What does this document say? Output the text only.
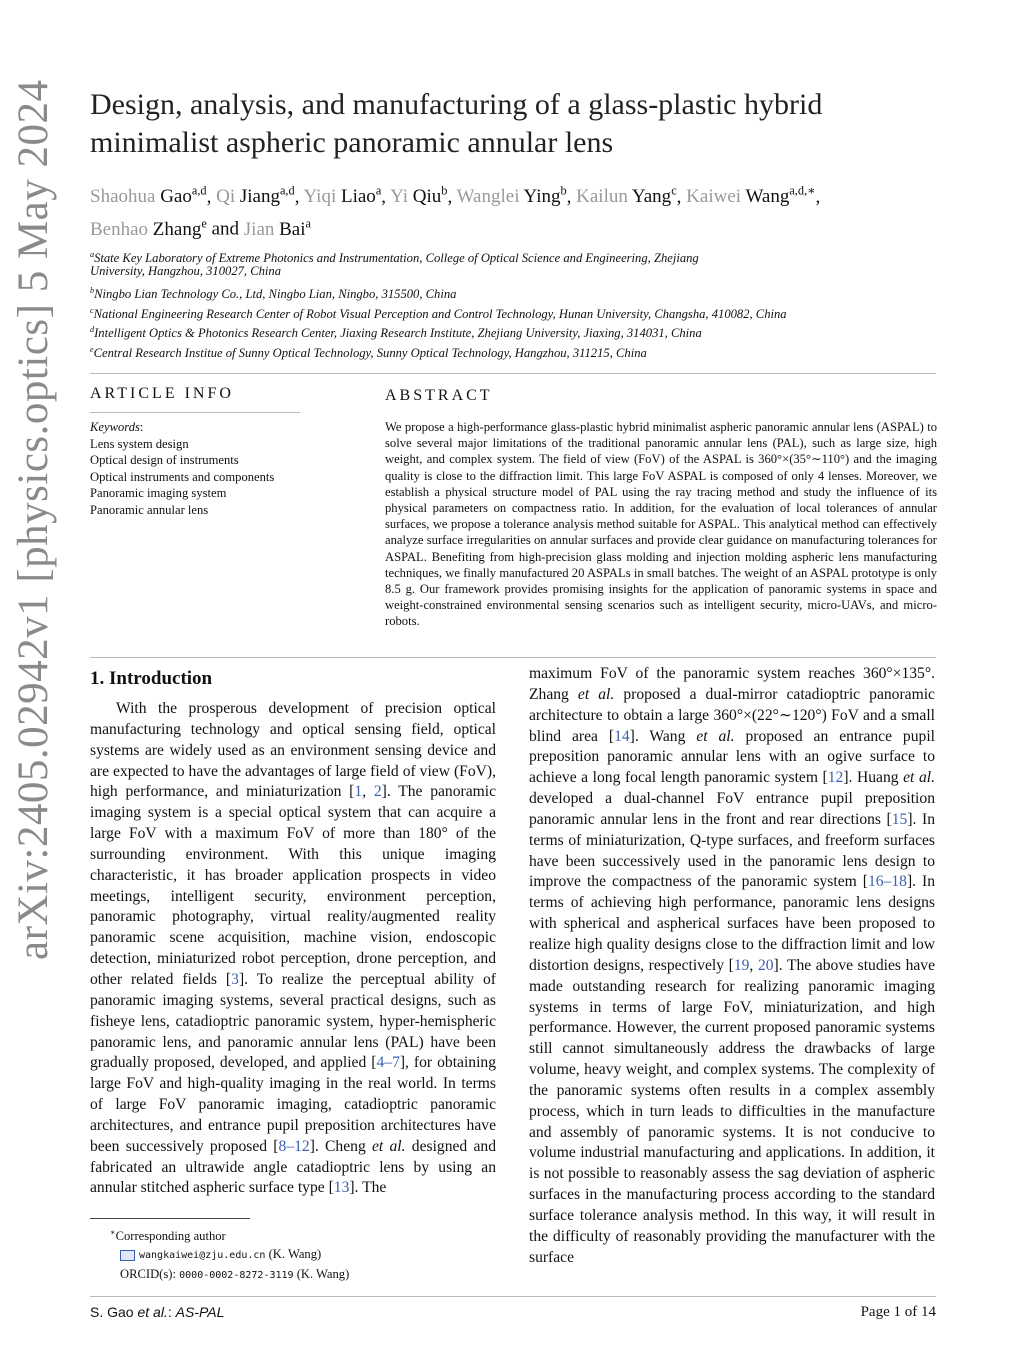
arXiv:2405.02942v1 [physics.optics] 5 May 2024 Design, analysis, and manufacturing of a glass-plastic hybrid
minimalist aspheric panoramic annular lens
Shaohua Gao$^{a,d}$, Qi Jiang$^{a,d}$, Yiqi Liao$^a$, Yi Qiu$^b$, Wanglei Ying$^b$, Kailun Yang$^c$, Kaiwei Wang$^{a,d,∗}$,
Benhao Zhang$^e$ and Jian Bai$^a$
$^a$State Key Laboratory of Extreme Photonics and Instrumentation, College of Optical Science and Engineering, Zhejiang
University, Hangzhou, 310027, China
$^b$Ningbo Lian Technology Co., Ltd, Ningbo Lian, Ningbo, 315500, China
$^c$National Engineering Research Center of Robot Visual Perception and Control Technology, Hunan University, Changsha, 410082, China
$^d$Intelligent Optics & Photonics Research Center, Jiaxing Research Institute, Zhejiang University, Jiaxing, 314031, China
$^e$Central Research Institue of Sunny Optical Technology, Sunny Optical Technology, Hangzhou, 311215, China
ARTICLE INFO	ABSTRACT
Keywords:
Lens system design
Optical design of instruments
Optical instruments and components
Panoramic imaging system
Panoramic annular lens
We propose a high-performance glass-plastic hybrid minimalist aspheric panoramic annular lens (ASPAL) to solve several major limitations of the traditional panoramic annular lens (PAL), such as large size, high weight, and complex system. The field of view (FoV) of the ASPAL is 360°×(35°∼110°) and the imaging quality is close to the diffraction limit. This large FoV ASPAL is composed of only 4 lenses. Moreover, we establish a physical structure model of PAL using the ray tracing method and study the influence of its physical parameters on compactness ratio. In addition, for the evaluation of local tolerances of annular surfaces, we propose a tolerance analysis method suitable for ASPAL. This analytical method can effectively analyze surface irregularities on annular surfaces and provide clear guidance on manufacturing tolerances for ASPAL. Benefiting from high-precision glass molding and injection molding aspheric lens manufacturing techniques, we finally manufactured 20 ASPALs in small batches. The weight of an ASPAL prototype is only 8.5 g. Our framework provides promising insights for the application of panoramic systems in space and weight-constrained environmental sensing scenarios such as intelligent security, micro-UAVs, and micro-robots.
1. Introduction

With the prosperous development of precision optical manufacturing technology and optical sensing field, optical systems are widely used as an environment sensing device and are expected to have the advantages of large field of view (FoV), high performance, and miniaturization [1, 2]. The panoramic imaging system is a special optical system that can acquire a large FoV with a maximum FoV of more than 180° of the surrounding environment. With this unique imaging characteristic, it has broader application prospects in video meetings, intelligent security, environment perception, panoramic photography, virtual reality/augmented reality panoramic scene acquisition, machine vision, endoscopic detection, miniaturized robot perception, drone perception, and other related fields [3]. To realize the perceptual ability of panoramic imaging systems, several practical designs, such as fisheye lens, catadioptric panoramic system, hyper-hemispheric panoramic lens, and panoramic annular lens (PAL) have been gradually proposed, developed, and applied [4–7], for obtaining large FoV and high-quality imaging in the real world. In terms of large FoV panoramic imaging, catadioptric panoramic architectures, and entrance pupil preposition architectures have been successively proposed [8–12]. Cheng et al. designed and fabricated an ultrawide angle catadioptric lens by using an annular stitched aspheric surface type [13]. The

maximum FoV of the panoramic system reaches 360°×135°. Zhang et al. proposed a dual-mirror catadioptric panoramic architecture to obtain a large 360°×(22°∼120°) FoV and a small blind area [14]. Wang et al. proposed an entrance pupil preposition panoramic annular lens with an ogive surface to achieve a long focal length panoramic system [12]. Huang et al. developed a dual-channel FoV entrance pupil preposition panoramic annular lens in the front and rear directions [15]. In terms of miniaturization, Q-type surfaces, and freeform surfaces have been successively used in the panoramic lens design to improve the compactness of the panoramic system [16–18]. In terms of achieving high performance, panoramic lens designs with spherical and aspherical surfaces have been proposed to realize high quality designs close to the diffraction limit and low distortion designs, respectively [19, 20]. The above studies have made outstanding research for realizing panoramic imaging systems in terms of large FoV, miniaturization, and high performance. However, the current proposed panoramic systems still cannot simultaneously address the drawbacks of large volume, heavy weight, and complex systems. The complexity of the panoramic systems often results in a complex assembly process, which in turn leads to difficulties in the manufacture and assembly of panoramic systems. It is not conducive to volume industrial manufacturing and applications. In addition, it is not possible to reasonably assess the sag deviation of aspheric surfaces in the manufacturing process according to the standard surface tolerance analysis method. In this way, it will result in the difficulty of reasonably providing the manufacturer with the surface

∗Corresponding author
wangkaiwei@zju.edu.cn (K. Wang)
ORCID(s): 0000-0002-8272-3119 (K. Wang)
S. Gao et al.: AS-PAL	Page 1 of 14
